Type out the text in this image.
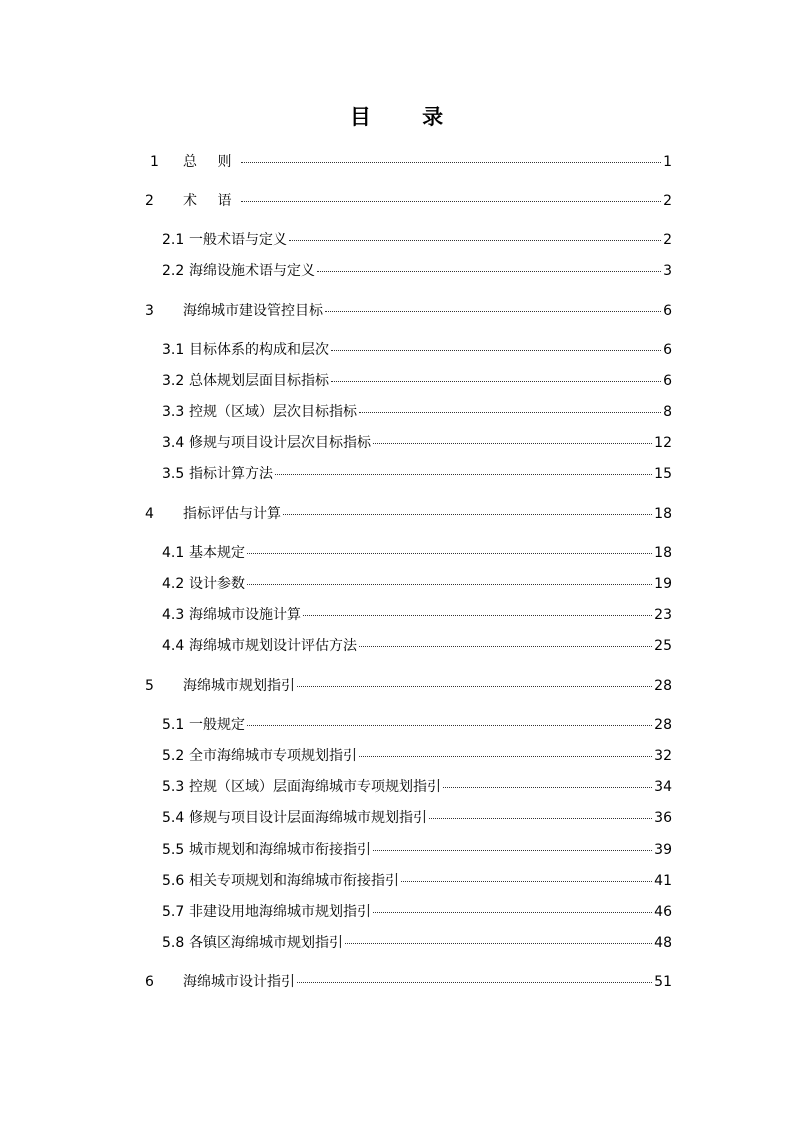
目 录
1	总 则	1
2	术 语	2
2.1 一般术语与定义	2
2.2 海绵设施术语与定义	3
3	海绵城市建设管控目标	6
3.1 目标体系的构成和层次	6
3.2 总体规划层面目标指标	6
3.3 控规（区域）层次目标指标	8
3.4 修规与项目设计层次目标指标	12
3.5 指标计算方法	15
4	指标评估与计算	18
4.1 基本规定	18
4.2 设计参数	19
4.3 海绵城市设施计算	23
4.4 海绵城市规划设计评估方法	25
5	海绵城市规划指引	28
5.1 一般规定	28
5.2 全市海绵城市专项规划指引	32
5.3 控规（区域）层面海绵城市专项规划指引	34
5.4 修规与项目设计层面海绵城市规划指引	36
5.5 城市规划和海绵城市衔接指引	39
5.6 相关专项规划和海绵城市衔接指引	41
5.7 非建设用地海绵城市规划指引	46
5.8 各镇区海绵城市规划指引	48
6	海绵城市设计指引	51
